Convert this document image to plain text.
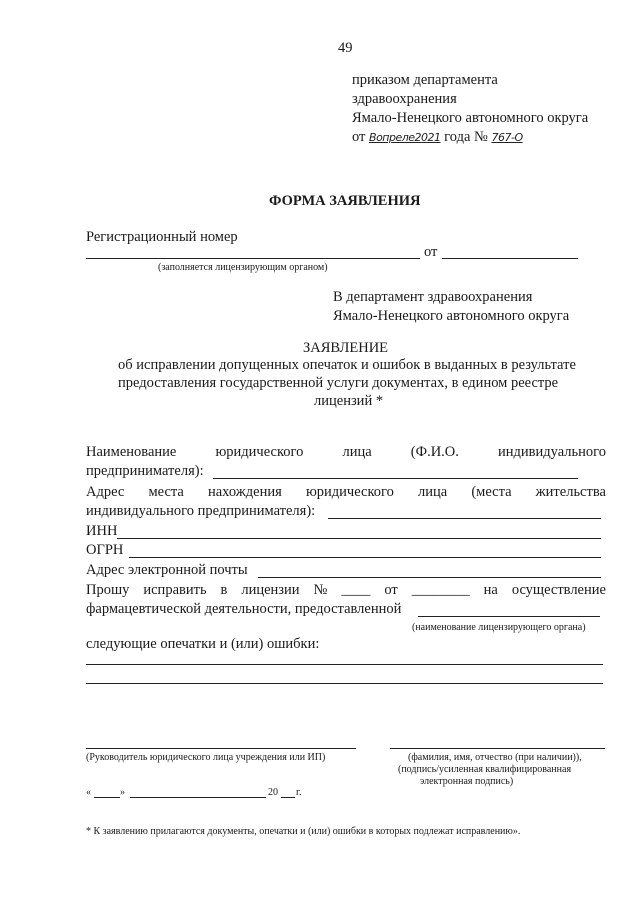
49
приказом департамента
здравоохранения
Ямало-Ненецкого автономного округа
от Вопреле2021 года № 767-О
ФОРМА ЗАЯВЛЕНИЯ
Регистрационный номер
от
(заполняется лицензирующим органом)
В департамент здравоохранения
Ямало-Ненецкого автономного округа
ЗАЯВЛЕНИЕ
об исправлении допущенных опечаток и ошибок в выданных в результате
предоставления государственной услуги документах, в едином реестре
лицензий *
Наименование	юридического	лица	(Ф.И.О.	индивидуального
предпринимателя):
Адрес места нахождения юридического лица (места жительства
индивидуального предпринимателя):
ИНН
ОГРН
Адрес электронной почты
Прошу исправить в лицензии № ____ от ________ на осуществление
фармацевтической деятельности, предоставленной
(наименование лицензирующего органа)
следующие опечатки и (или) ошибки:
(Руководитель юридического лица учреждения или ИП)	(фамилия, имя, отчество (при наличии)),
(подпись/усиленная квалифицированная
электронная подпись)
«	»	20 г.
* К заявлению прилагаются документы, опечатки и (или) ошибки в которых подлежат исправлению».
